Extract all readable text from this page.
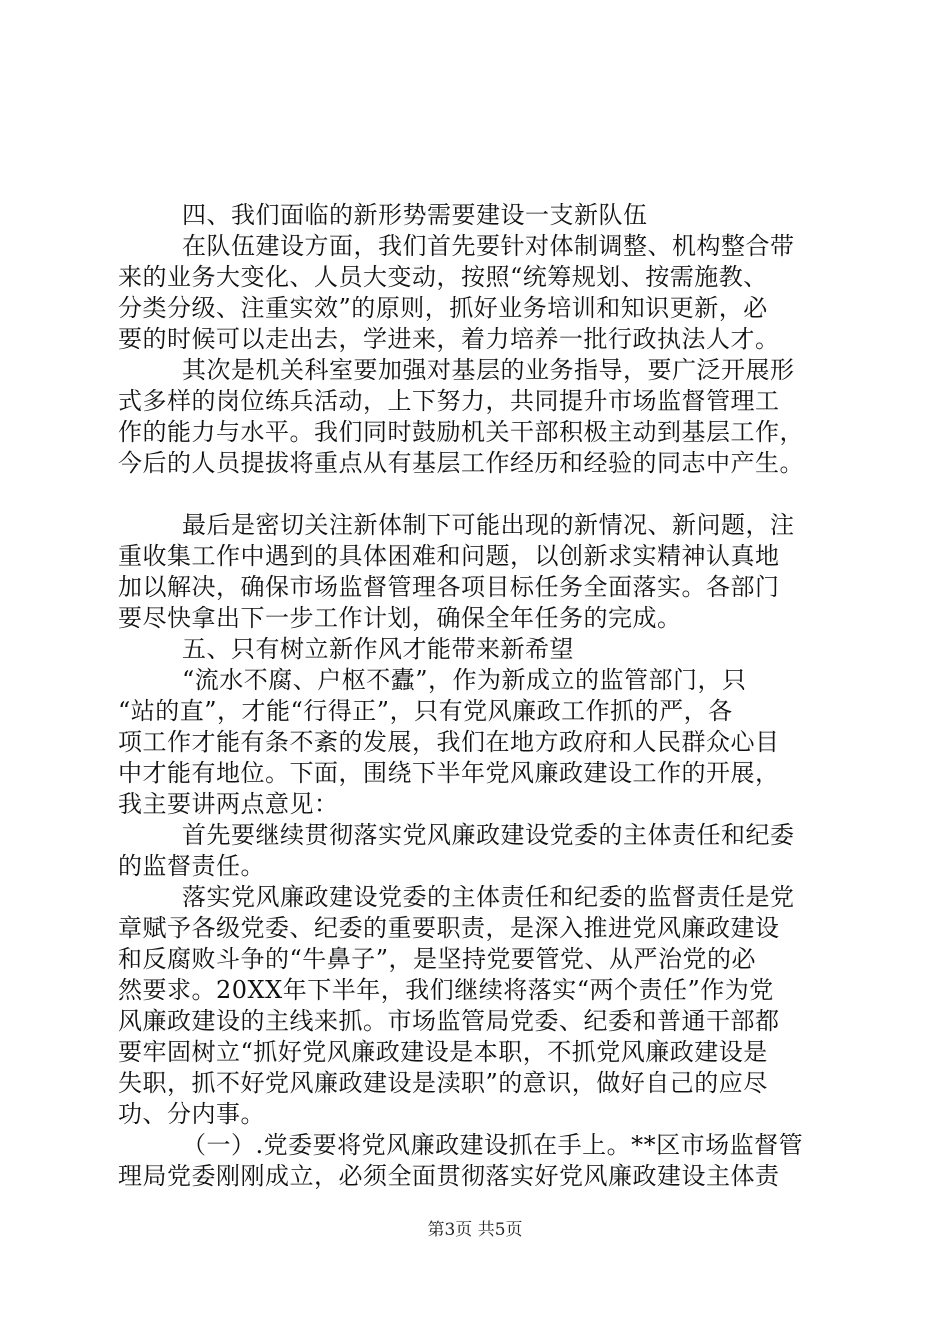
四、我们面临的新形势需要建设一支新队伍
在队伍建设方面，我们首先要针对体制调整、机构整合带
来的业务大变化、人员大变动，按照“统筹规划、按需施教、
分类分级、注重实效”的原则，抓好业务培训和知识更新，必
要的时候可以走出去，学进来，着力培养一批行政执法人才。
其次是机关科室要加强对基层的业务指导，要广泛开展形
式多样的岗位练兵活动，上下努力，共同提升市场监督管理工
作的能力与水平。我们同时鼓励机关干部积极主动到基层工作，
今后的人员提拔将重点从有基层工作经历和经验的同志中产生。
最后是密切关注新体制下可能出现的新情况、新问题，注
重收集工作中遇到的具体困难和问题，以创新求实精神认真地
加以解决，确保市场监督管理各项目标任务全面落实。各部门
要尽快拿出下一步工作计划，确保全年任务的完成。
五、只有树立新作风才能带来新希望
“流水不腐、户枢不蠹”，作为新成立的监管部门，只
“站的直”，才能“行得正”，只有党风廉政工作抓的严，各
项工作才能有条不紊的发展，我们在地方政府和人民群众心目
中才能有地位。下面，围绕下半年党风廉政建设工作的开展，
我主要讲两点意见：
首先要继续贯彻落实党风廉政建设党委的主体责任和纪委
的监督责任。
落实党风廉政建设党委的主体责任和纪委的监督责任是党
章赋予各级党委、纪委的重要职责，是深入推进党风廉政建设
和反腐败斗争的“牛鼻子”，是坚持党要管党、从严治党的必
然要求。20XX年下半年，我们继续将落实“两个责任”作为党
风廉政建设的主线来抓。市场监管局党委、纪委和普通干部都
要牢固树立“抓好党风廉政建设是本职，不抓党风廉政建设是
失职，抓不好党风廉政建设是渎职”的意识，做好自己的应尽
功、分内事。
（一）.党委要将党风廉政建设抓在手上。**区市场监督管
理局党委刚刚成立，必须全面贯彻落实好党风廉政建设主体责
第3页 共5页
